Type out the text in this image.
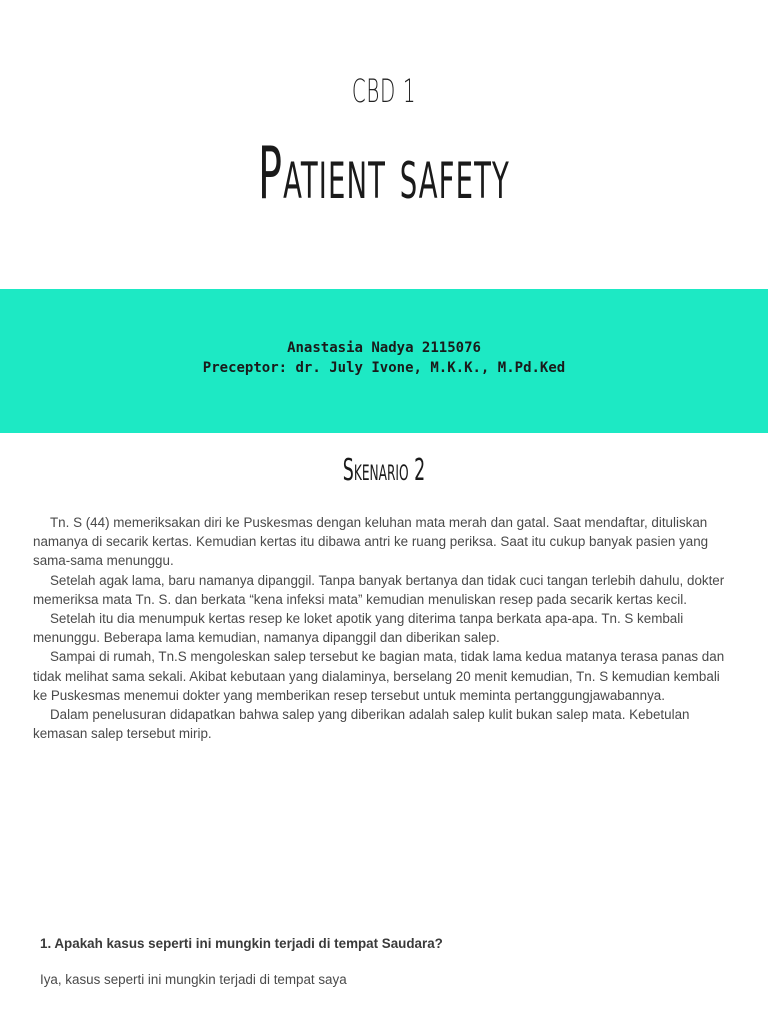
CBD 1
Patient safety
Anastasia Nadya 2115076
Preceptor: dr. July Ivone, M.K.K., M.Pd.Ked
Skenario 2

Tn. S (44) memeriksakan diri ke Puskesmas dengan keluhan mata merah dan gatal. Saat mendaftar, dituliskan namanya di secarik kertas. Kemudian kertas itu dibawa antri ke ruang periksa. Saat itu cukup banyak pasien yang sama-sama menunggu.

Setelah agak lama, baru namanya dipanggil. Tanpa banyak bertanya dan tidak cuci tangan terlebih dahulu, dokter memeriksa mata Tn. S. dan berkata “kena infeksi mata” kemudian menuliskan resep pada secarik kertas kecil.

Setelah itu dia menumpuk kertas resep ke loket apotik yang diterima tanpa berkata apa-apa. Tn. S kembali menunggu. Beberapa lama kemudian, namanya dipanggil dan diberikan salep.

Sampai di rumah, Tn.S mengoleskan salep tersebut ke bagian mata, tidak lama kedua matanya terasa panas dan tidak melihat sama sekali. Akibat kebutaan yang dialaminya, berselang 20 menit kemudian, Tn. S kemudian kembali ke Puskesmas menemui dokter yang memberikan resep tersebut untuk meminta pertanggungjawabannya.

Dalam penelusuran didapatkan bahwa salep yang diberikan adalah salep kulit bukan salep mata. Kebetulan kemasan salep tersebut mirip.

1. Apakah kasus seperti ini mungkin terjadi di tempat Saudara?
Iya, kasus seperti ini mungkin terjadi di tempat saya
